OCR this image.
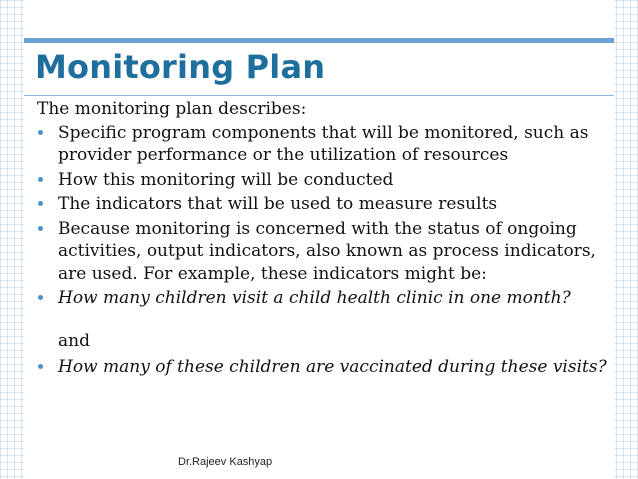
Monitoring Plan

The monitoring plan describes:

Specific program components that will be monitored, such as provider performance or the utilization of resources
How this monitoring will be conducted
The indicators that will be used to measure results
Because monitoring is concerned with the status of ongoing activities, output indicators, also known as process indicators, are used. For example, these indicators might be:
How many children visit a child health clinic in one month?
and
How many of these children are vaccinated during these visits?
Dr.Rajeev Kashyap
